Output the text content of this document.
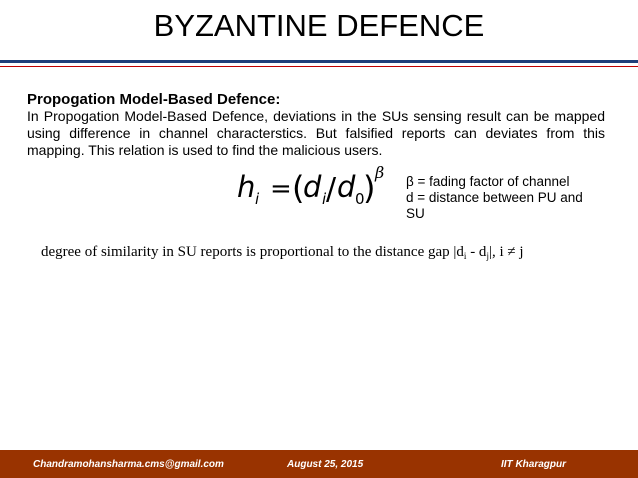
BYZANTINE DEFENCE
Propogation Model-Based Defence:
In Propogation Model-Based Defence, deviations in the SUs sensing result can be mapped using difference in channel characterstics. But falsified reports can deviates from this mapping. This relation is used to find the malicious users.
h i = (
d i / d 0
) β β = fading factor of channel
d = distance between PU and
SU
degree of similarity in SU reports is proportional to the distance gap $|d_i - d_j|$, i ≠ j
Chandramohansharma.cms@gmail.com	August 25, 2015	IIT Kharagpur
